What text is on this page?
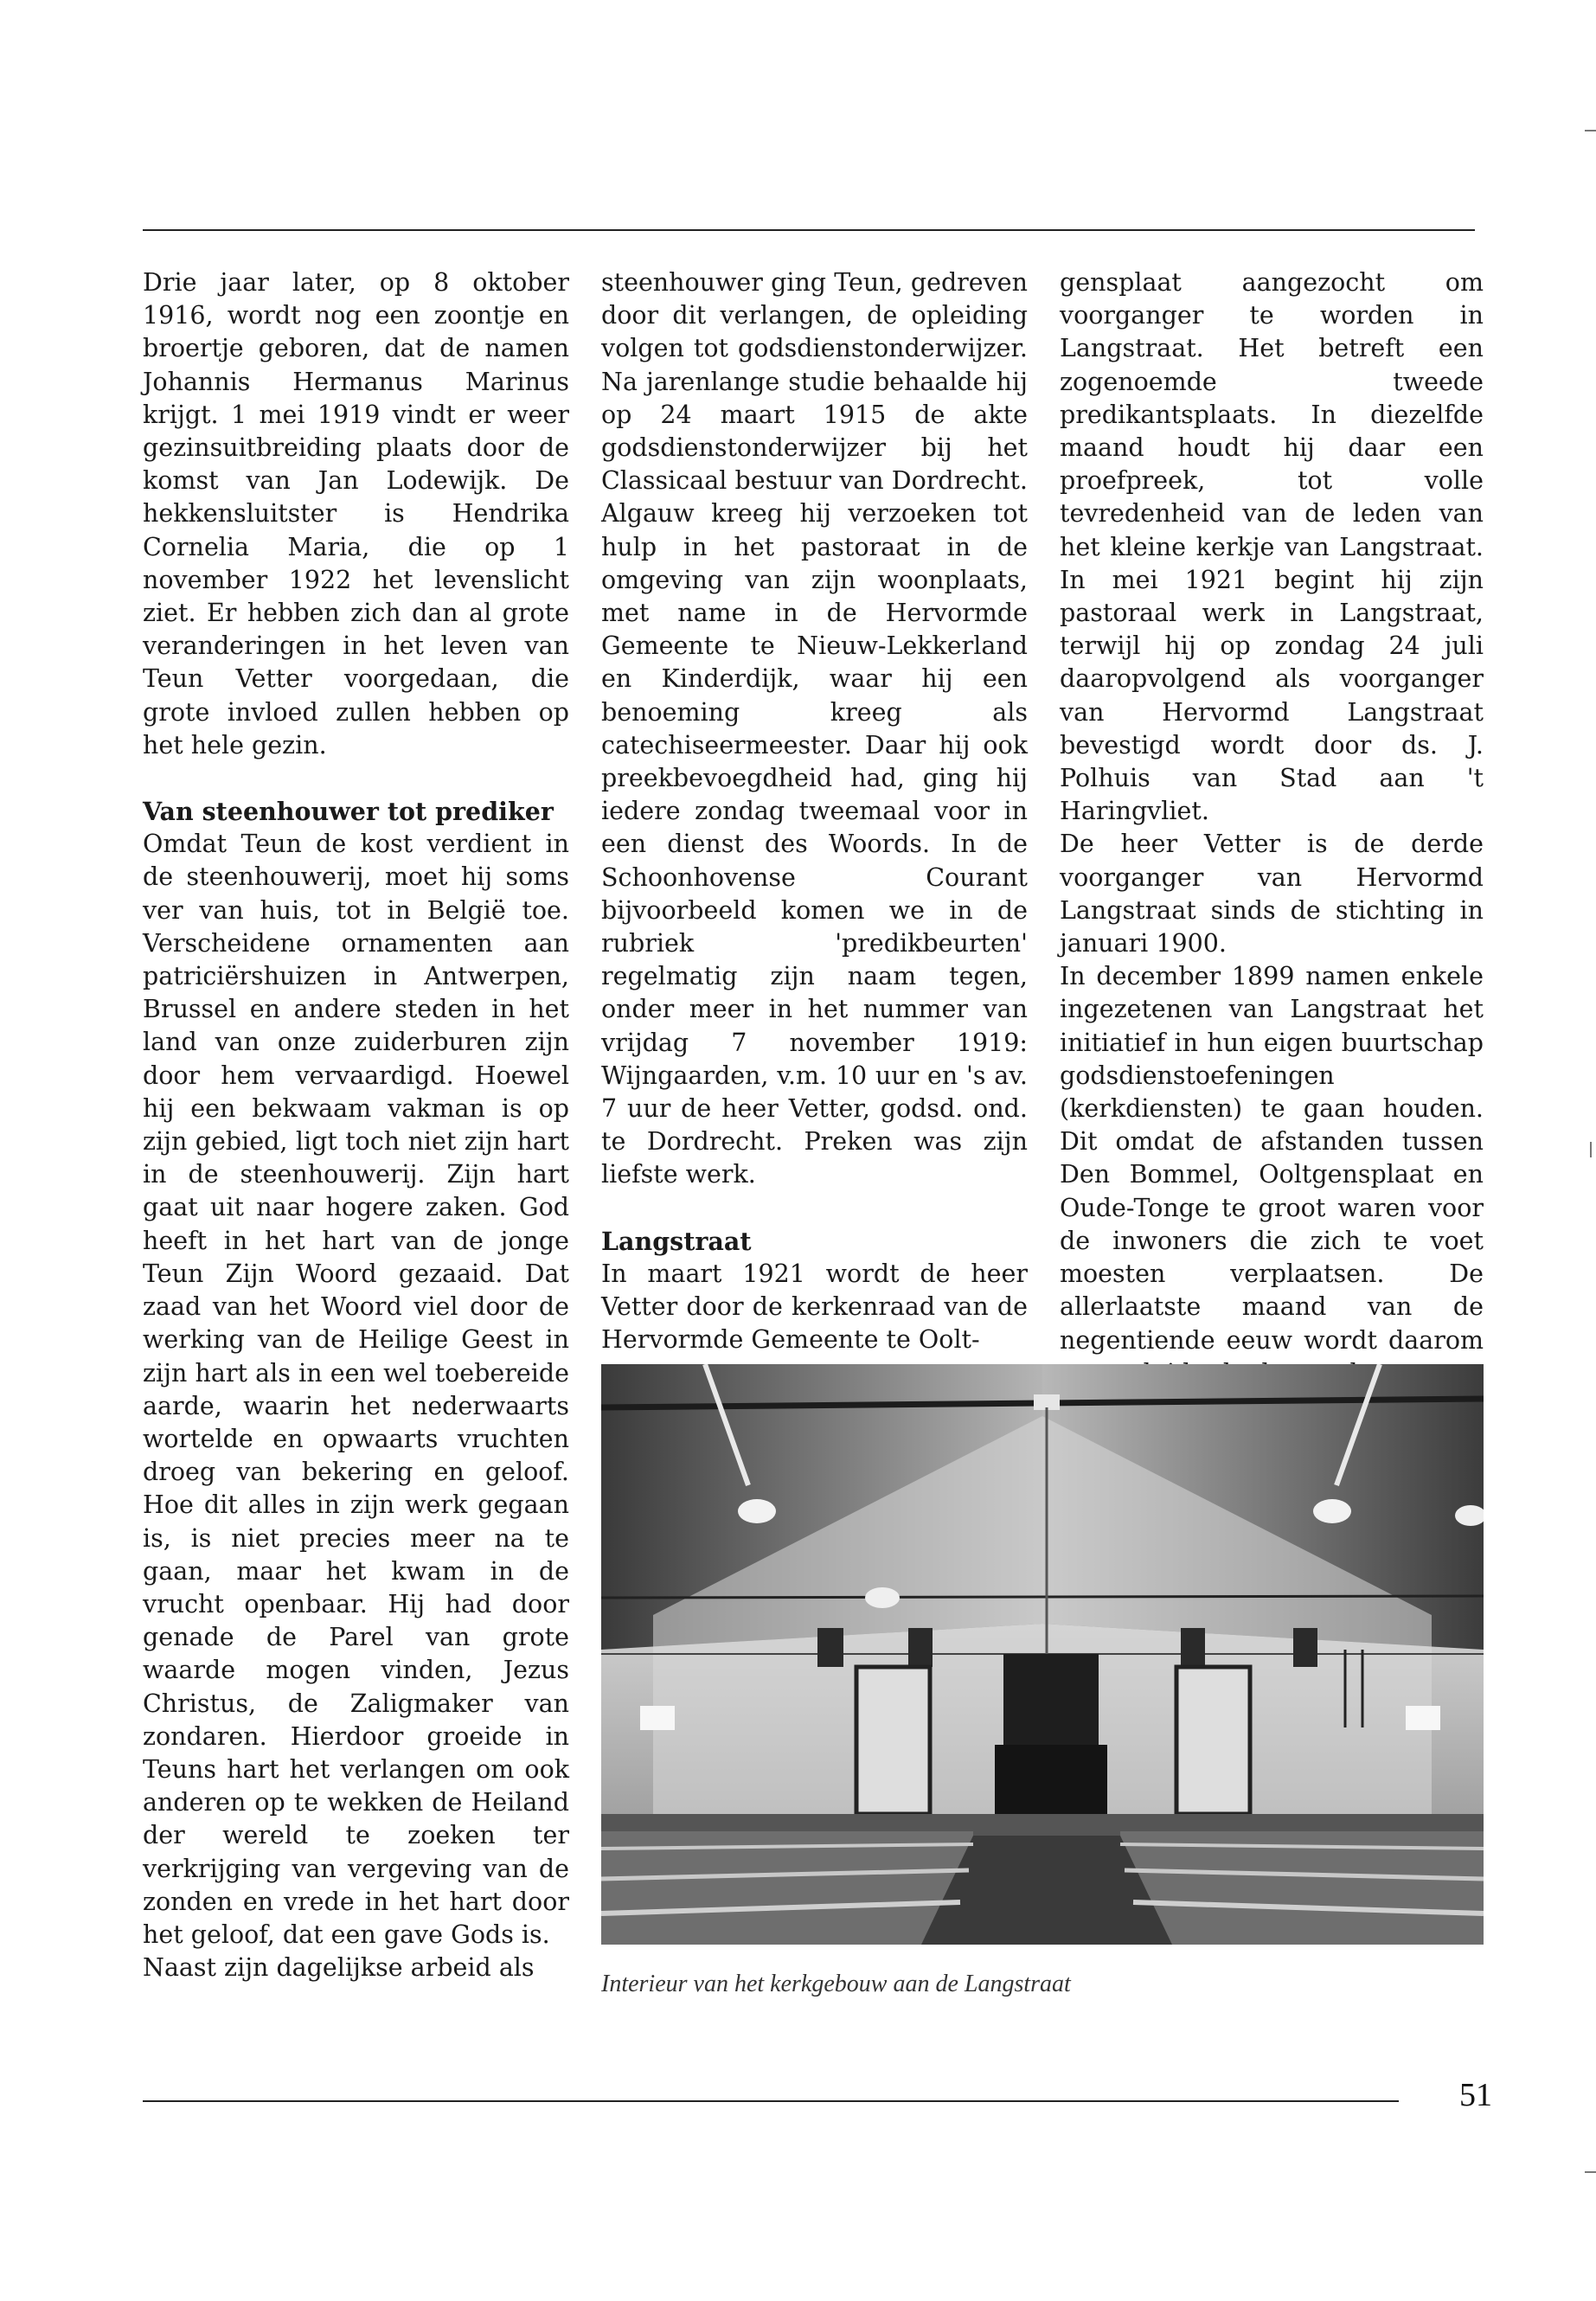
Drie jaar later, op 8 oktober 1916, wordt nog een zoontje en broertje geboren, dat de namen Johannis Hermanus Marinus krijgt. 1 mei 1919 vindt er weer gezinsuitbreiding plaats door de komst van Jan Lodewijk. De hekkensluitster is Hendrika Cornelia Maria, die op 1 november 1922 het levenslicht ziet. Er hebben zich dan al grote veranderingen in het leven van Teun Vetter voorgedaan, die grote invloed zullen hebben op het hele gezin.

Van steenhouwer tot prediker

Omdat Teun de kost verdient in de steenhouwerij, moet hij soms ver van huis, tot in België toe. Verscheidene ornamenten aan patriciërshuizen in Antwerpen, Brussel en andere steden in het land van onze zuiderburen zijn door hem vervaardigd. Hoewel hij een bekwaam vakman is op zijn gebied, ligt toch niet zijn hart in de steenhouwerij. Zijn hart gaat uit naar hogere zaken. God heeft in het hart van de jonge Teun Zijn Woord gezaaid. Dat zaad van het Woord viel door de werking van de Heilige Geest in zijn hart als in een wel toebereide aarde, waarin het nederwaarts wortelde en opwaarts vruchten droeg van bekering en geloof. Hoe dit alles in zijn werk gegaan is, is niet precies meer na te gaan, maar het kwam in de vrucht openbaar. Hij had door genade de Parel van grote waarde mogen vinden, Jezus Christus, de Zaligmaker van zondaren. Hierdoor groeide in Teuns hart het verlangen om ook anderen op te wekken de Heiland der wereld te zoeken ter verkrijging van vergeving van de zonden en vrede in het hart door het geloof, dat een gave Gods is.

Naast zijn dagelijkse arbeid als

steenhouwer ging Teun, gedreven door dit verlangen, de opleiding volgen tot godsdienstonderwijzer. Na jarenlange studie behaalde hij op 24 maart 1915 de akte godsdienstonderwijzer bij het Classicaal bestuur van Dordrecht. Algauw kreeg hij verzoeken tot hulp in het pastoraat in de omgeving van zijn woonplaats, met name in de Hervormde Gemeente te Nieuw-Lekkerland en Kinderdijk, waar hij een benoeming kreeg als catechiseermeester. Daar hij ook preekbevoegdheid had, ging hij iedere zondag tweemaal voor in een dienst des Woords. In de Schoonhovense Courant bijvoorbeeld komen we in de rubriek 'predikbeurten' regelmatig zijn naam tegen, onder meer in het nummer van vrijdag 7 november 1919: Wijngaarden, v.m. 10 uur en 's av. 7 uur de heer Vetter, godsd. ond. te Dordrecht. Preken was zijn liefste werk.

Langstraat

In maart 1921 wordt de heer Vetter door de kerkenraad van de Hervormde Gemeente te Oolt-

gensplaat aangezocht om voorganger te worden in Langstraat. Het betreft een zogenoemde tweede predikantsplaats. In diezelfde maand houdt hij daar een proefpreek, tot volle tevredenheid van de leden van het kleine kerkje van Langstraat. In mei 1921 begint hij zijn pastoraal werk in Langstraat, terwijl hij op zondag 24 juli daaropvolgend als voorganger van Hervormd Langstraat bevestigd wordt door ds. J. Polhuis van Stad aan 't Haringvliet.

De heer Vetter is de derde voorganger van Hervormd Langstraat sinds de stichting in januari 1900.

In december 1899 namen enkele ingezetenen van Langstraat het initiatief in hun eigen buurtschap godsdienstoefeningen (kerkdiensten) te gaan houden. Dit omdat de afstanden tussen Den Bommel, Ooltgensplaat en Oude-Tonge te groot waren voor de inwoners die zich te voet moesten verplaatsen. De allerlaatste maand van de negentiende eeuw wordt daarom

Interieur van het kerkgebouw aan de Langstraat
51
